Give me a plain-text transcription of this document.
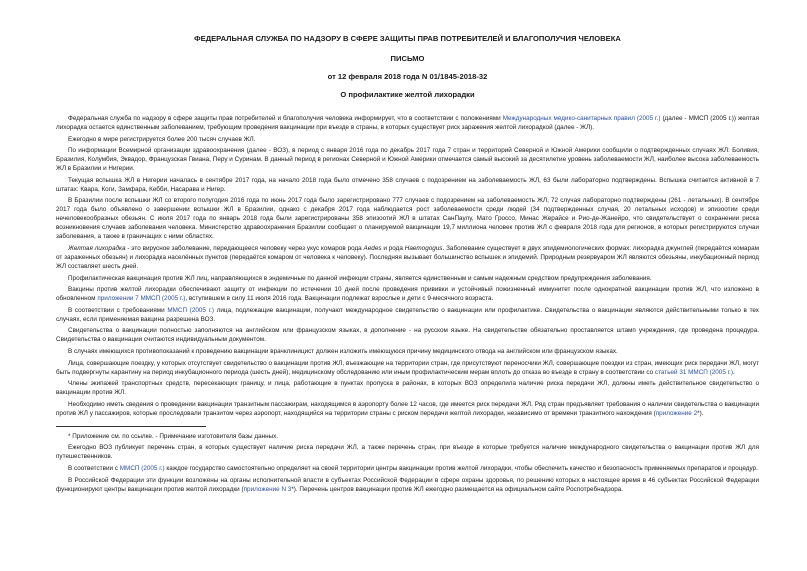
ФЕДЕРАЛЬНАЯ СЛУЖБА ПО НАДЗОРУ В СФЕРЕ ЗАЩИТЫ ПРАВ ПОТРЕБИТЕЛЕЙ И БЛАГОПОЛУЧИЯ ЧЕЛОВЕКА
ПИСЬМО
от 12 февраля 2018 года N 01/1845-2018-32
О профилактике желтой лихорадки

Федеральная служба по надзору в сфере защиты прав потребителей и благополучия человека информирует, что в соответствии с положениями Международных медико-санитарных правил (2005 г.) (далее - ММСП (2005 г.)) желтая лихорадка остается единственным заболеванием, требующим проведения вакцинации при въезде в страны, в которых существует риск заражения желтой лихорадкой (далее - ЖЛ).

Ежегодно в мире регистрируется более 200 тысяч случаев ЖЛ.

По информации Всемирной организации здравоохранения (далее - ВОЗ), в период с января 2016 года по декабрь 2017 года 7 стран и территорий Северной и Южной Америки сообщили о подтвержденных случаях ЖЛ: Боливия, Бразилия, Колумбия, Эквадор, Французская Гвиана, Перу и Суринам. В данный период в регионах Северной и Южной Америки отмечается самый высокий за десятилетие уровень заболеваемости ЖЛ, наиболее высока заболеваемость ЖЛ в Бразилии и Нигерии.

Текущая вспышка ЖЛ в Нигерии началась в сентябре 2017 года, на начало 2018 года было отмечено 358 случаев с подозрением на заболеваемость ЖЛ, 63 были лабораторно подтверждены. Вспышка считается активной в 7 штатах: Квара, Коги, Замфара, Кебби, Насарава и Нигер.

В Бразилии после вспышки ЖЛ со второго полугодия 2016 года по июнь 2017 года было зарегистрировано 777 случаев с подозрением на заболеваемость ЖЛ, 72 случая лабораторно подтверждены (261 - летальных). В сентябре 2017 года было объявлено о завершении вспышки ЖЛ в Бразилии, однако с декабря 2017 года наблюдается рост заболеваемости среди людей (34 подтвержденных случая, 20 летальных исходов) и эпизоотии среди нечеловекообразных обезьян. С июля 2017 года по январь 2018 года были зарегистрированы 358 эпизоотий ЖЛ в штатах СанПаулу, Мато Гроссо, Минас Жерайсе и Рио-де-Жанейро, что свидетельствует о сохранении риска возникновения случаев заболевания человека. Министерство здравоохранения Бразилии сообщает о планируемой вакцинации 19,7 миллиона человек против ЖЛ с февраля 2018 года для регионов, в которых регистрируются случаи заболевания, а также в граничащих с ними областях.

Желтая лихорадка - это вирусное заболевание, передающееся человеку через укус комаров рода Aedes и рода Haemogogus. Заболевание существует в двух эпидемиологических формах: лихорадка джунглей (передаётся комарам от зараженных обезьян) и лихорадка населённых пунктов (передаётся комаром от человека к человеку). Последняя вызывает большинство вспышек и эпидемий. Природным резервуаром ЖЛ являются обезьяны, инкубационный период ЖЛ составляет шесть дней.

Профилактическая вакцинация против ЖЛ лиц, направляющихся в эндемичные по данной инфекции страны, является единственным и самым надежным средством предупреждения заболевания.

Вакцины против желтой лихорадки обеспечивают защиту от инфекции по истечении 10 дней после проведения прививки и устойчивый пожизненный иммунитет после однократной вакцинации против ЖЛ, что изложено в обновленном приложении 7 ММСП (2005 г.), вступившем в силу 11 июля 2016 года. Вакцинации подлежат взрослые и дети с 9-месячного возраста.

В соответствии с требованиями ММСП (2005 г.) лица, подлежащие вакцинации, получают международное свидетельство о вакцинации или профилактике. Свидетельства о вакцинации являются действительными только в тех случаях, если применяемая вакцина разрешена ВОЗ.

Свидетельства о вакцинации полностью заполняются на английском или французском языках, в дополнение - на русском языке. На свидетельстве обязательно проставляется штамп учреждения, где проведена процедура. Свидетельства о вакцинации считаются индивидуальным документом.

В случаях имеющихся противопоказаний к проведению вакцинации врачклиницист должен изложить имеющуюся причину медицинского отвода на английском или французском языках.

Лица, совершающие поездку, у которых отсутствует свидетельство о вакцинации против ЖЛ, въезжающие на территории стран, где присутствуют переносчики ЖЛ, совершающие поездки из стран, имеющих риск передачи ЖЛ, могут быть подвергнуты карантину на период инкубационного периода (шесть дней), медицинскому обследованию или иным профилактическим мерам вплоть до отказа во въезде в страну в соответствии со статьей 31 ММСП (2005 г.).

Члены экипажей транспортных средств, пересекающих границу, и лица, работающие в пунктах пропуска в районах, в которых ВОЗ определила наличие риска передачи ЖЛ, должны иметь действительное свидетельство о вакцинации против ЖЛ.

Необходимо иметь сведения о проведении вакцинации транзитным пассажирам, находящимся в аэропорту более 12 часов, где имеется риск передачи ЖЛ. Ряд стран предъявляет требования о наличии свидетельства о вакцинации против ЖЛ у пассажиров, которые проследовали транзитом через аэропорт, находящийся на территории страны с риском передачи желтой лихорадки, независимо от времени транзитного нахождения (приложение 2*).

* Приложение см. по ссылке. - Примечание изготовителя базы данных.

Ежегодно ВОЗ публикует перечень стран, в которых существует наличие риска передачи ЖЛ, а также перечень стран, при въезде в которые требуется наличие международного свидетельства о вакцинации против ЖЛ для путешественников.

В соответствии с ММСП (2005 г.) каждое государство самостоятельно определяет на своей территории центры вакцинации против желтой лихорадки, чтобы обеспечить качество и безопасность применяемых препаратов и процедур.

В Российской Федерации эти функции возложены на органы исполнительной власти в субъектах Российской Федерации в сфере охраны здоровья, по решению которых в настоящее время в 46 субъектах Российской Федерации функционируют центры вакцинации против желтой лихорадки (приложение N 3*). Перечень центров вакцинации против ЖЛ ежегодно размещается на официальном сайте Роспотребнадзора.
